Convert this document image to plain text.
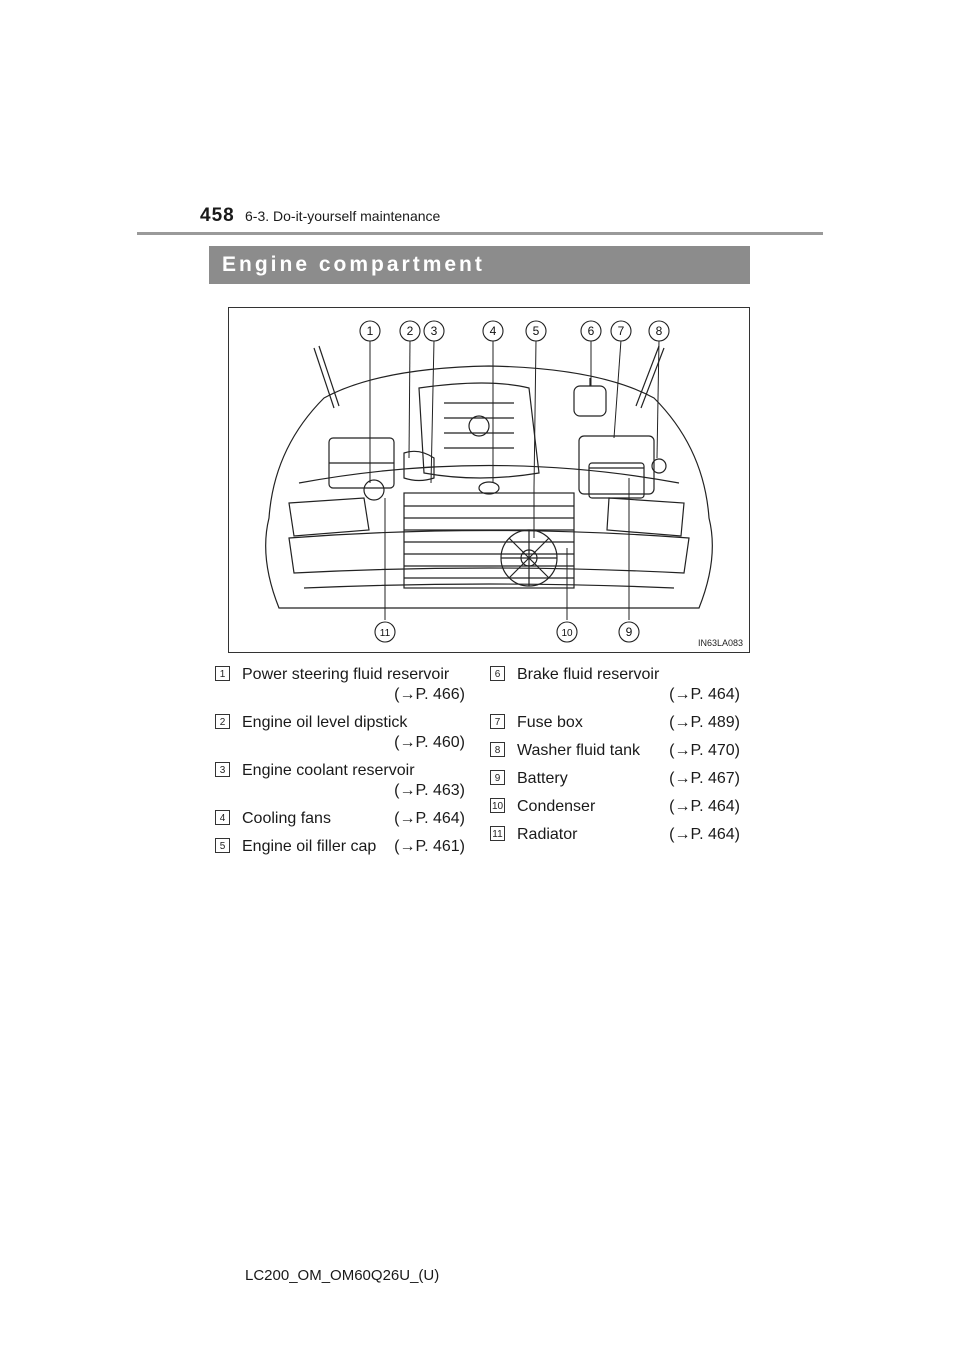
458 6-3. Do-it-yourself maintenance
Engine compartment
1	2 3	4	5	6 7	8
9
10
11
IN63LA083
1 Power steering fluid reservoir
(→P. 466)
2 Engine oil level dipstick
(→P. 460)
3 Engine coolant reservoir
(→P. 463)
4 Cooling fans	(→P. 464)
5 Engine oil filler cap (→P. 461)
6 Brake fluid reservoir
(→P. 464)
7 Fuse box	(→P. 489)
8 Washer fluid tank (→P. 470)
9 Battery	(→P. 467)
10 Condenser	(→P. 464)
11 Radiator	(→P. 464)
LC200_OM_OM60Q26U_(U)
